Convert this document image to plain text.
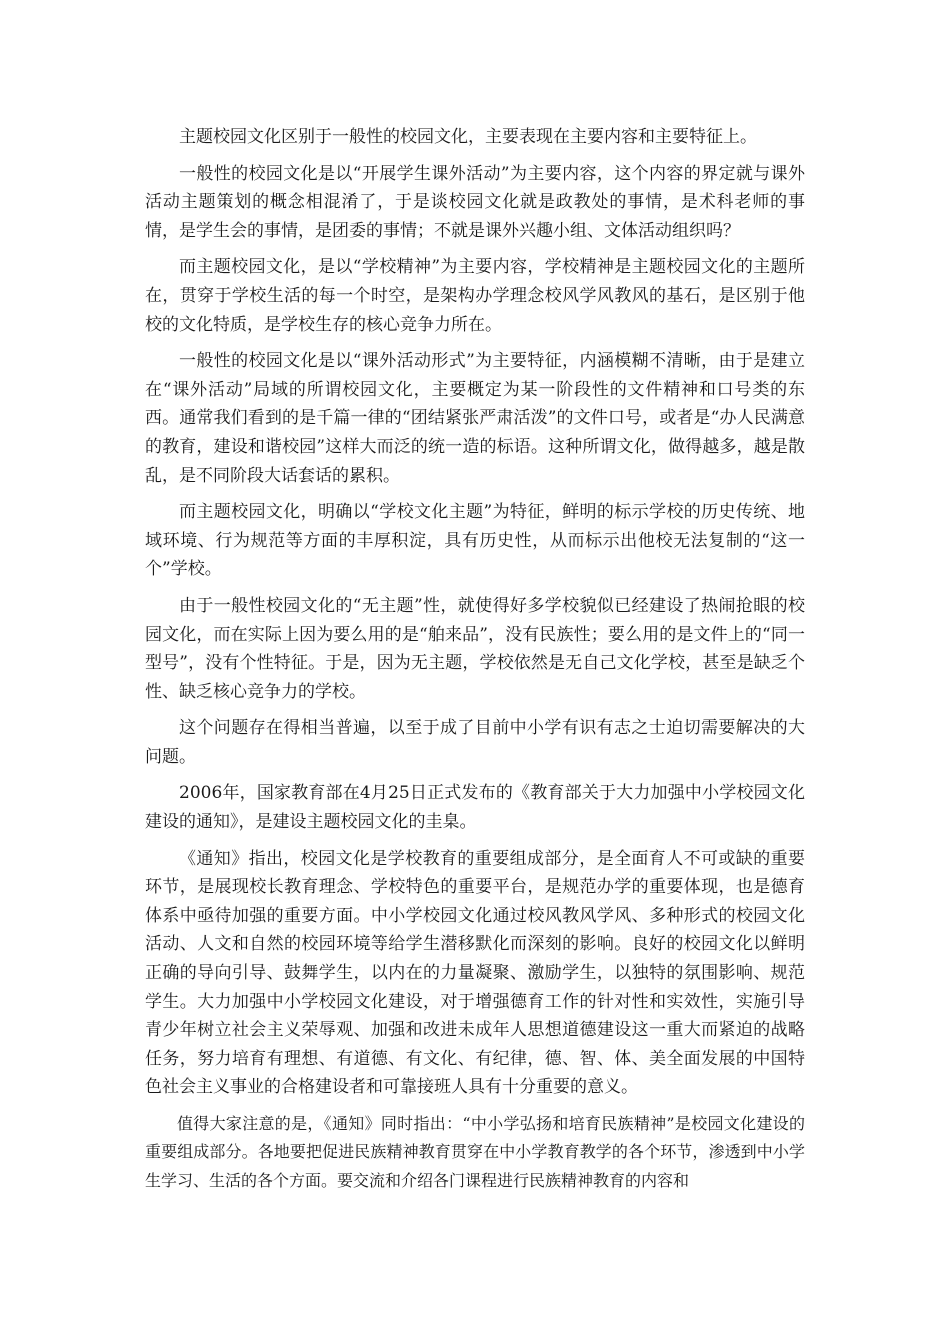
主题校园文化区别于一般性的校园文化，主要表现在主要内容和主要特征上。

一般性的校园文化是以“开展学生课外活动”为主要内容，这个内容的界定就与课外活动主题策划的概念相混淆了，于是谈校园文化就是政教处的事情，是术科老师的事情，是学生会的事情，是团委的事情；不就是课外兴趣小组、文体活动组织吗？

而主题校园文化，是以“学校精神”为主要内容，学校精神是主题校园文化的主题所在，贯穿于学校生活的每一个时空，是架构办学理念校风学风教风的基石，是区别于他校的文化特质，是学校生存的核心竞争力所在。

一般性的校园文化是以“课外活动形式”为主要特征，内涵模糊不清晰，由于是建立在“课外活动”局域的所谓校园文化，主要概定为某一阶段性的文件精神和口号类的东西。通常我们看到的是千篇一律的“团结紧张严肃活泼”的文件口号，或者是“办人民满意的教育，建设和谐校园”这样大而泛的统一造的标语。这种所谓文化，做得越多，越是散乱，是不同阶段大话套话的累积。

而主题校园文化，明确以“学校文化主题”为特征，鲜明的标示学校的历史传统、地域环境、行为规范等方面的丰厚积淀，具有历史性，从而标示出他校无法复制的“这一个”学校。

由于一般性校园文化的“无主题”性，就使得好多学校貌似已经建设了热闹抢眼的校园文化，而在实际上因为要么用的是“舶来品”，没有民族性；要么用的是文件上的“同一型号”，没有个性特征。于是，因为无主题，学校依然是无自己文化学校，甚至是缺乏个性、缺乏核心竞争力的学校。

这个问题存在得相当普遍，以至于成了目前中小学有识有志之士迫切需要解决的大问题。

2006年，国家教育部在4月25日正式发布的《教育部关于大力加强中小学校园文化建设的通知》，是建设主题校园文化的圭臬。

《通知》指出，校园文化是学校教育的重要组成部分，是全面育人不可或缺的重要环节，是展现校长教育理念、学校特色的重要平台，是规范办学的重要体现，也是德育体系中亟待加强的重要方面。中小学校园文化通过校风教风学风、多种形式的校园文化活动、人文和自然的校园环境等给学生潜移默化而深刻的影响。良好的校园文化以鲜明正确的导向引导、鼓舞学生，以内在的力量凝聚、激励学生，以独特的氛围影响、规范学生。大力加强中小学校园文化建设，对于增强德育工作的针对性和实效性，实施引导青少年树立社会主义荣辱观、加强和改进未成年人思想道德建设这一重大而紧迫的战略任务，努力培育有理想、有道德、有文化、有纪律，德、智、体、美全面发展的中国特色社会主义事业的合格建设者和可靠接班人具有十分重要的意义。

值得大家注意的是，《通知》同时指出：“中小学弘扬和培育民族精神”是校园文化建设的重要组成部分。各地要把促进民族精神教育贯穿在中小学教育教学的各个环节，渗透到中小学生学习、生活的各个方面。要交流和介绍各门课程进行民族精神教育的内容和
